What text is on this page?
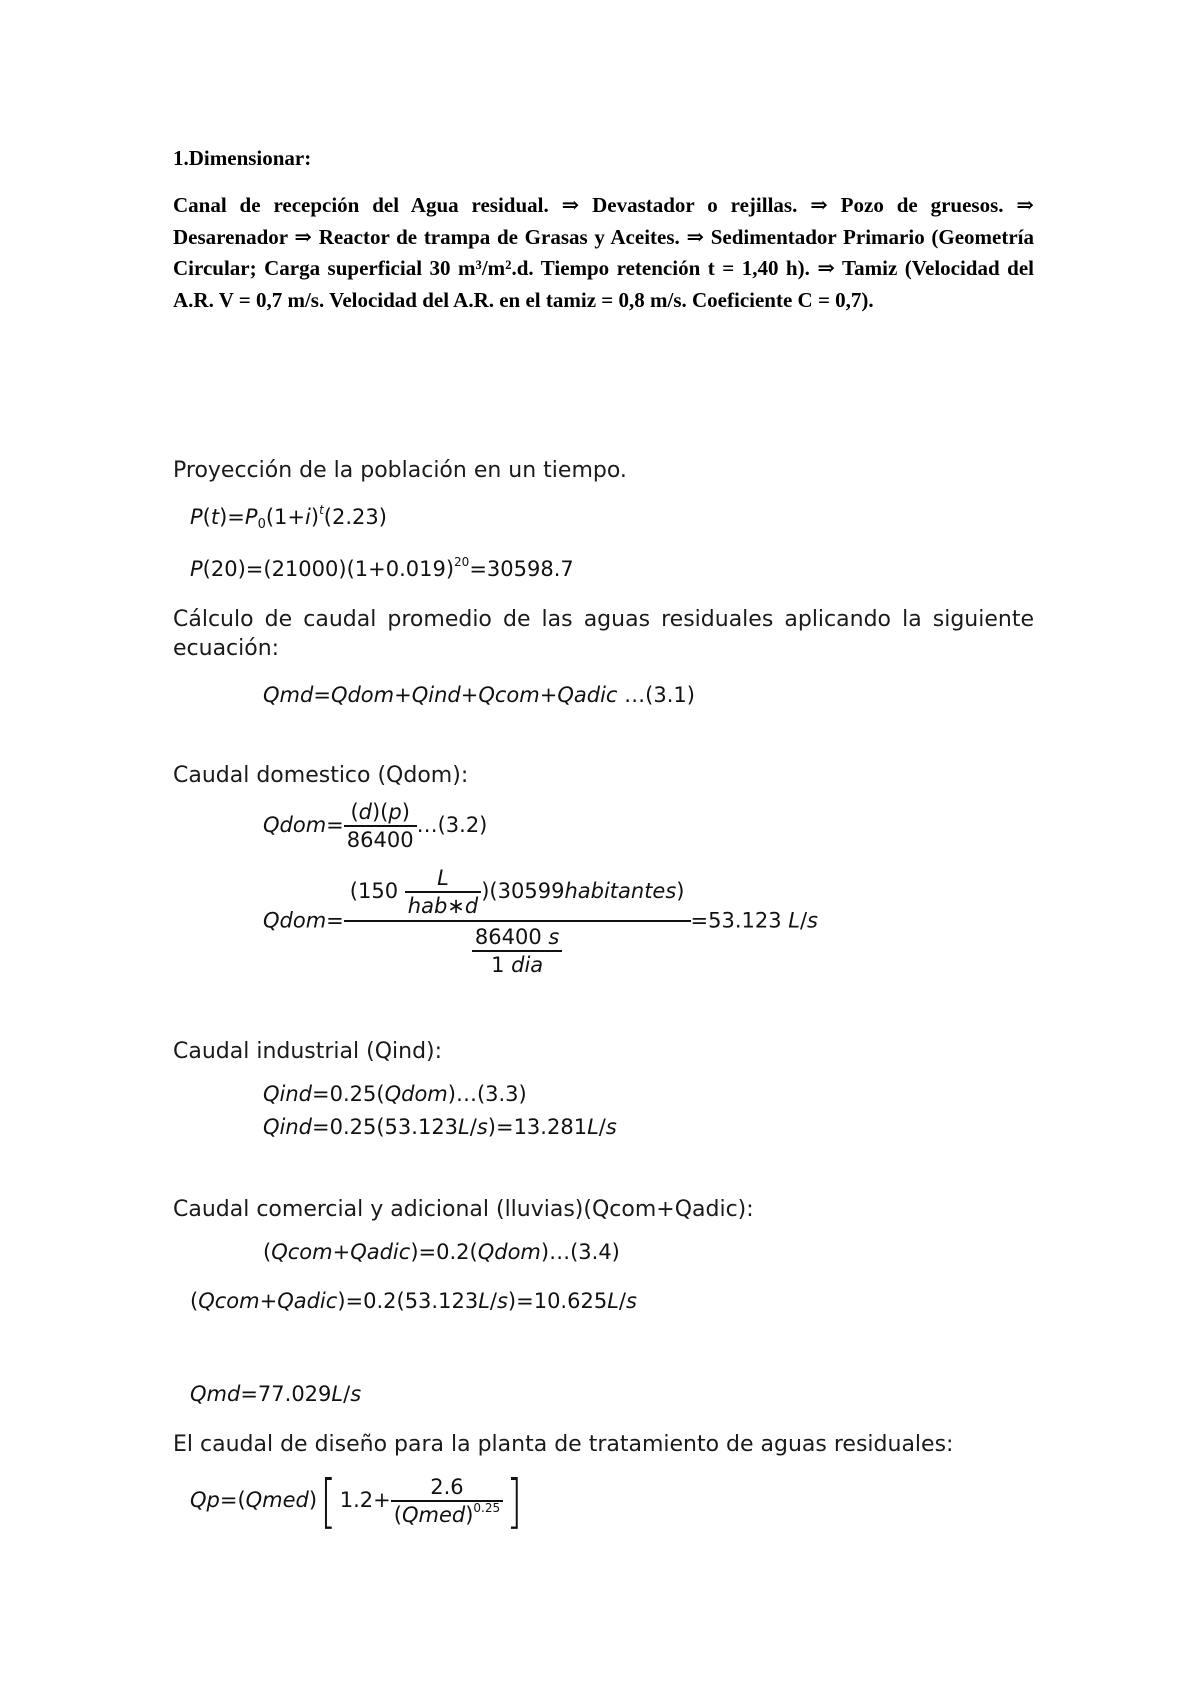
1.Dimensionar:
Canal de recepción del Agua residual. ⇒ Devastador o rejillas. ⇒ Pozo de gruesos. ⇒ Desarenador ⇒ Reactor de trampa de Grasas y Aceites. ⇒ Sedimentador Primario (Geometría Circular; Carga superficial 30 m³/m².d. Tiempo retención t = 1,40 h). ⇒ Tamiz (Velocidad del A.R. V = 0,7 m/s. Velocidad del A.R. en el tamiz = 0,8 m/s. Coeficiente C = 0,7).
Proyección de la población en un tiempo.
$P(t)=P_0(1+i)^t(2.23)$
$P(20)=(21000)(1+0.019)^{20}=30598.7$
Cálculo de caudal promedio de las aguas residuales aplicando la siguiente ecuación:
Qmd=Qdom+Qind+Qcom+Qadic …(3.1)
Caudal domestico (Qdom):
Qdom= $\frac{(d)(p)}{86400}$ …(3.2)
Qdom= $\frac{(150 \frac{L}{\text{hab∗d}} )(30599habitantes)}{\frac{86400 s}{\text{1 dia}}} =53.123$ L/s
Caudal industrial (Qind):
Qind=0.25(Qdom)…(3.3)
Qind=0.25(53.123L/s)=13.281L/s
Caudal comercial y adicional (lluvias)(Qcom+Qadic):
(Qcom+Qadic)=0.2(Qdom)…(3.4)
(Qcom+Qadic)=0.2(53.123L/s)=10.625L/s
Qmd=77.029L/s
El caudal de diseño para la planta de tratamiento de aguas residuales:
Qp=(Qmed)[ $1.2+ \frac{2.6}{(Qmed)^{0.25}}$ ]
